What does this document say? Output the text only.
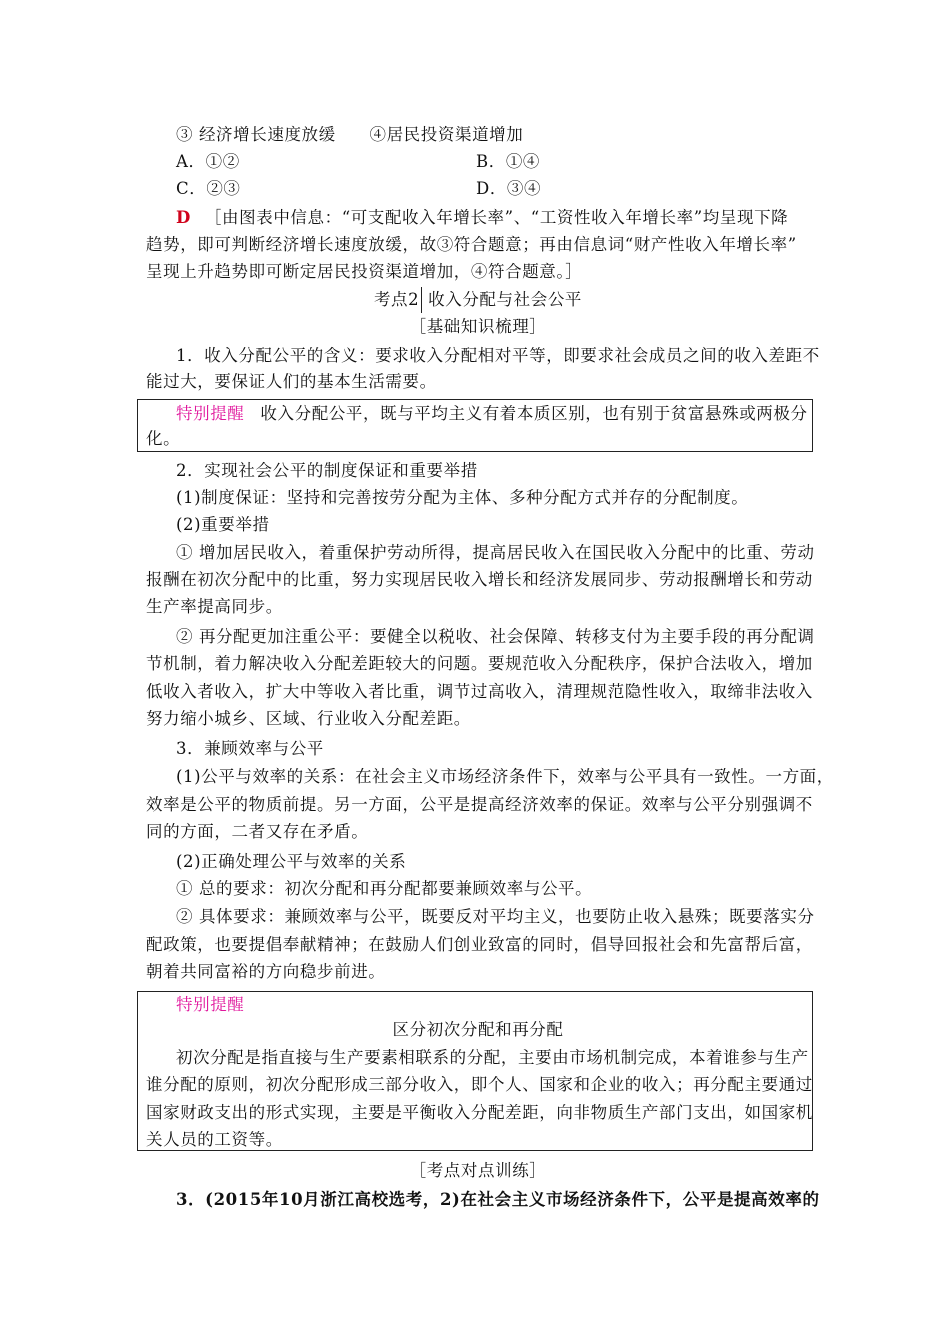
③ 经济增长速度放缓 ④居民投资渠道增加
A．①②	B．①④
C．②③	D．③④
D ［由图表中信息：“可支配收入年增长率”、“工资性收入年增长率”均呈现下降
趋势，即可判断经济增长速度放缓，故③符合题意；再由信息词“财产性收入年增长率”
呈现上升趋势即可断定居民投资渠道增加，④符合题意。］
考点2 收入分配与社会公平
［基础知识梳理］
1．收入分配公平的含义：要求收入分配相对平等，即要求社会成员之间的收入差距不
能过大，要保证人们的基本生活需要。
特别提醒 收入分配公平，既与平均主义有着本质区别，也有别于贫富悬殊或两极分
化。
2．实现社会公平的制度保证和重要举措
(1)制度保证：坚持和完善按劳分配为主体、多种分配方式并存的分配制度。
(2)重要举措
① 增加居民收入，着重保护劳动所得，提高居民收入在国民收入分配中的比重、劳动
报酬在初次分配中的比重，努力实现居民收入增长和经济发展同步、劳动报酬增长和劳动
生产率提高同步。
② 再分配更加注重公平：要健全以税收、社会保障、转移支付为主要手段的再分配调
节机制，着力解决收入分配差距较大的问题。要规范收入分配秩序，保护合法收入，增加
低收入者收入，扩大中等收入者比重，调节过高收入，清理规范隐性收入，取缔非法收入
努力缩小城乡、区域、行业收入分配差距。
3．兼顾效率与公平
(1)公平与效率的关系：在社会主义市场经济条件下，效率与公平具有一致性。一方面，
效率是公平的物质前提。另一方面，公平是提高经济效率的保证。效率与公平分别强调不
同的方面，二者又存在矛盾。
(2)正确处理公平与效率的关系
① 总的要求：初次分配和再分配都要兼顾效率与公平。
② 具体要求：兼顾效率与公平，既要反对平均主义，也要防止收入悬殊；既要落实分
配政策，也要提倡奉献精神；在鼓励人们创业致富的同时，倡导回报社会和先富帮后富，
朝着共同富裕的方向稳步前进。
特别提醒
区分初次分配和再分配
初次分配是指直接与生产要素相联系的分配，主要由市场机制完成，本着谁参与生产
谁分配的原则，初次分配形成三部分收入，即个人、国家和企业的收入；再分配主要通过
国家财政支出的形式实现，主要是平衡收入分配差距，向非物质生产部门支出，如国家机
关人员的工资等。
［考点对点训练］
3．(2015年10月浙江高校选考，2)在社会主义市场经济条件下，公平是提高效率的
